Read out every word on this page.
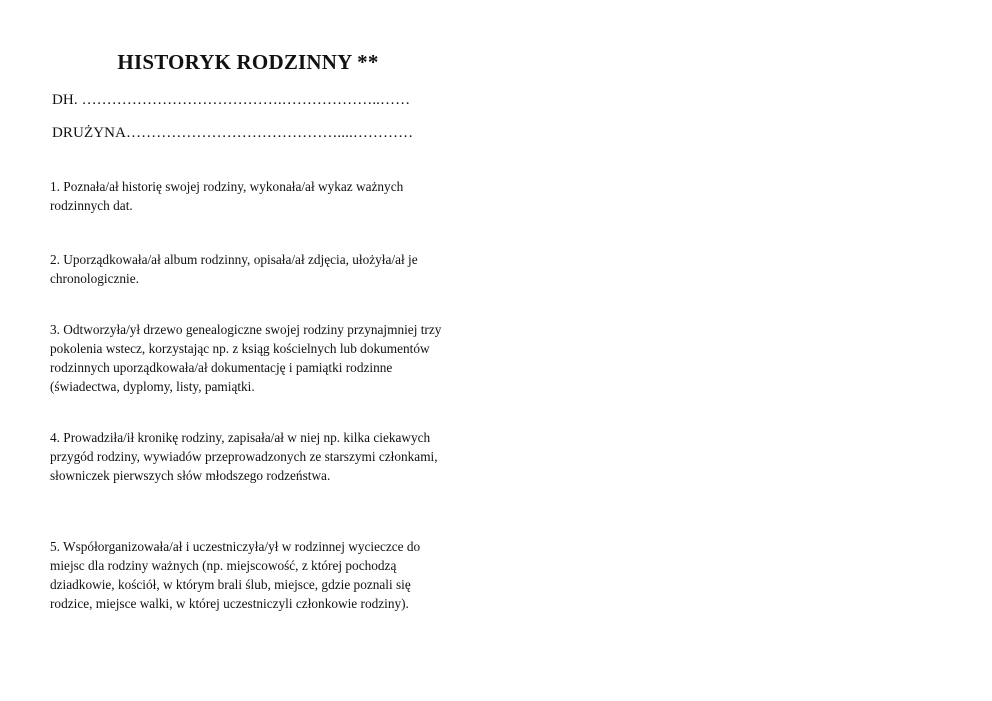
HISTORYK RODZINNY **
DH. ………………………………….………………..……
DRUŻYNA……………………………………....…………
1. Poznała/ał historię swojej rodziny, wykonała/ał wykaz ważnych rodzinnych dat.
2. Uporządkowała/ał album rodzinny, opisała/ał zdjęcia, ułożyła/ał je chronologicznie.
3. Odtworzyła/ył drzewo genealogiczne swojej rodziny przynajmniej trzy pokolenia wstecz, korzystając np. z ksiąg kościelnych lub dokumentów rodzinnych uporządkowała/ał dokumentację i pamiątki rodzinne (świadectwa, dyplomy, listy, pamiątki.
4. Prowadziła/ił kronikę rodziny, zapisała/ał w niej np. kilka ciekawych przygód rodziny, wywiadów przeprowadzonych ze starszymi członkami, słowniczek pierwszych słów młodszego rodzeństwa.
5. Współorganizowała/ał i uczestniczyła/ył w rodzinnej wycieczce do miejsc dla rodziny ważnych (np. miejscowość, z której pochodzą dziadkowie, kościół, w którym brali ślub, miejsce, gdzie poznali się rodzice, miejsce walki, w której uczestniczyli członkowie rodziny).
